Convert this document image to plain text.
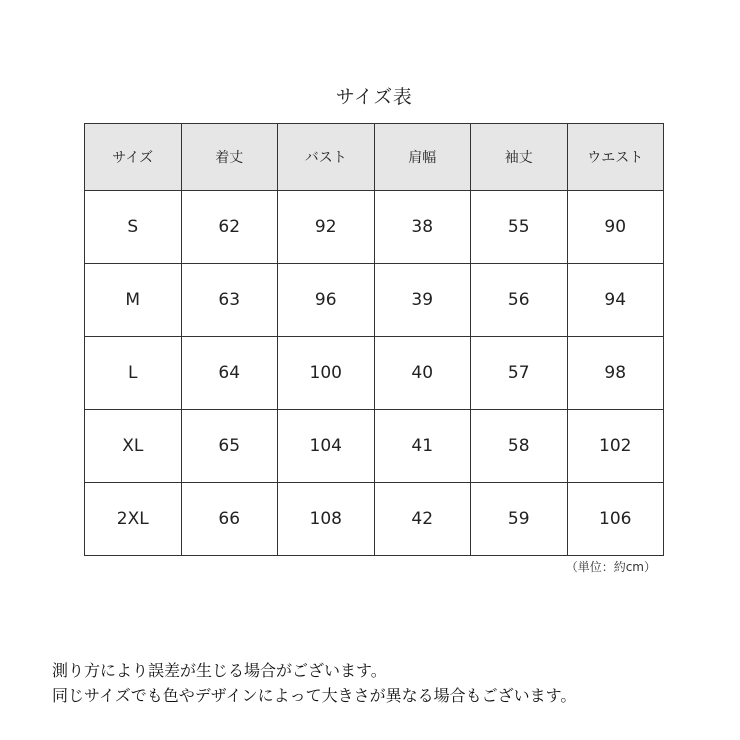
サイズ表
サイズ	着丈	バスト	肩幅	袖丈	ウエスト
S	62	92	38	55	90
M	63	96	39	56	94
L	64	100	40	57	98
XL	65	104	41	58	102
2XL	66	108	42	59	106
（単位：約cm）
測り方により誤差が生じる場合がございます。
同じサイズでも色やデザインによって大きさが異なる場合もございます。
